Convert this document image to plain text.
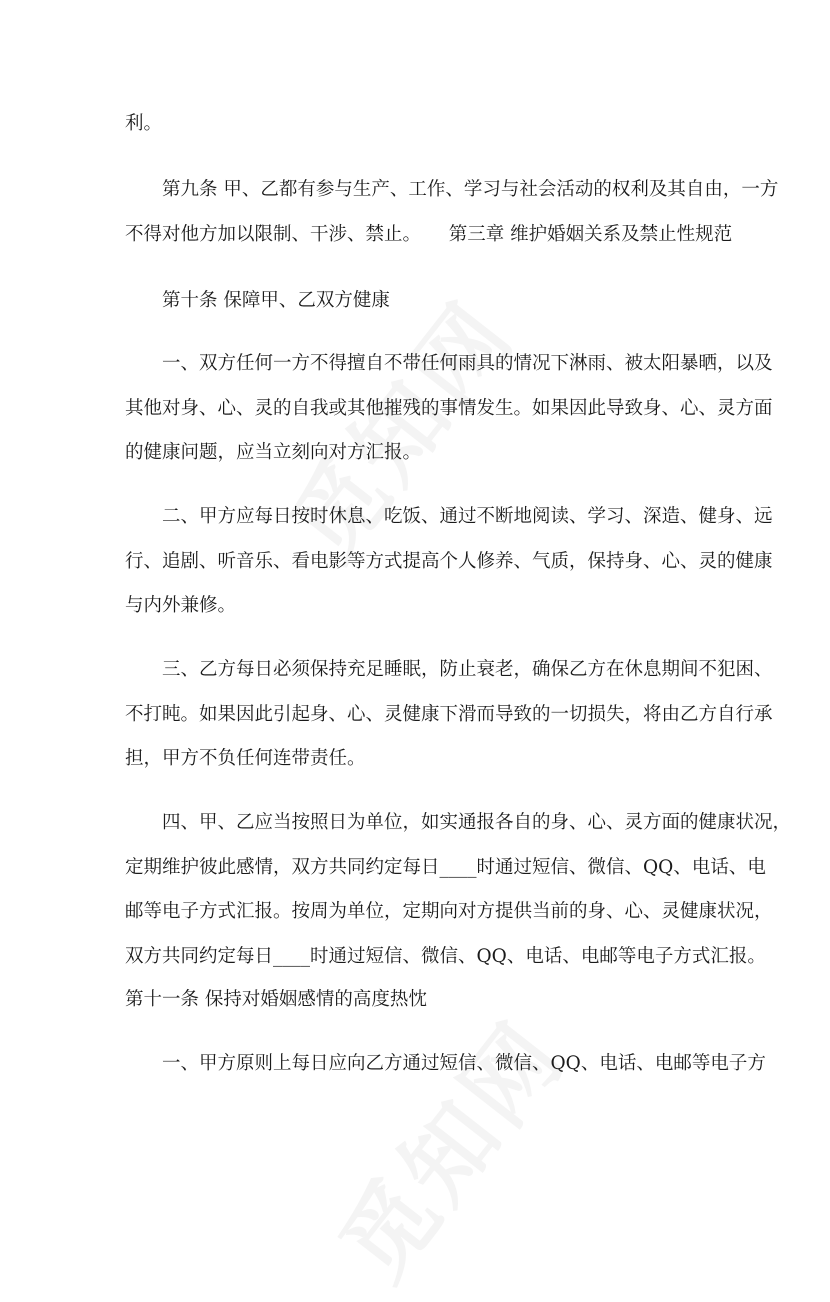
利。

　　第九条 甲、乙都有参与生产、工作、学习与社会活动的权利及其自由，一方

不得对他方加以限制、干涉、禁止。　　第三章 维护婚姻关系及禁止性规范

　　第十条 保障甲、乙双方健康

　　一、双方任何一方不得擅自不带任何雨具的情况下淋雨、被太阳暴晒，以及

其他对身、心、灵的自我或其他摧残的事情发生。如果因此导致身、心、灵方面

的健康问题，应当立刻向对方汇报。

　　二、甲方应每日按时休息、吃饭、通过不断地阅读、学习、深造、健身、远

行、追剧、听音乐、看电影等方式提高个人修养、气质，保持身、心、灵的健康

与内外兼修。

　　三、乙方每日必须保持充足睡眠，防止衰老，确保乙方在休息期间不犯困、

不打盹。如果因此引起身、心、灵健康下滑而导致的一切损失，将由乙方自行承

担，甲方不负任何连带责任。

　　四、甲、乙应当按照日为单位，如实通报各自的身、心、灵方面的健康状况，

定期维护彼此感情，双方共同约定每日____时通过短信、微信、QQ、电话、电

邮等电子方式汇报。按周为单位，定期向对方提供当前的身、心、灵健康状况，

双方共同约定每日____时通过短信、微信、QQ、电话、电邮等电子方式汇报。

第十一条 保持对婚姻感情的高度热忱

　　一、甲方原则上每日应向乙方通过短信、微信、QQ、电话、电邮等电子方
